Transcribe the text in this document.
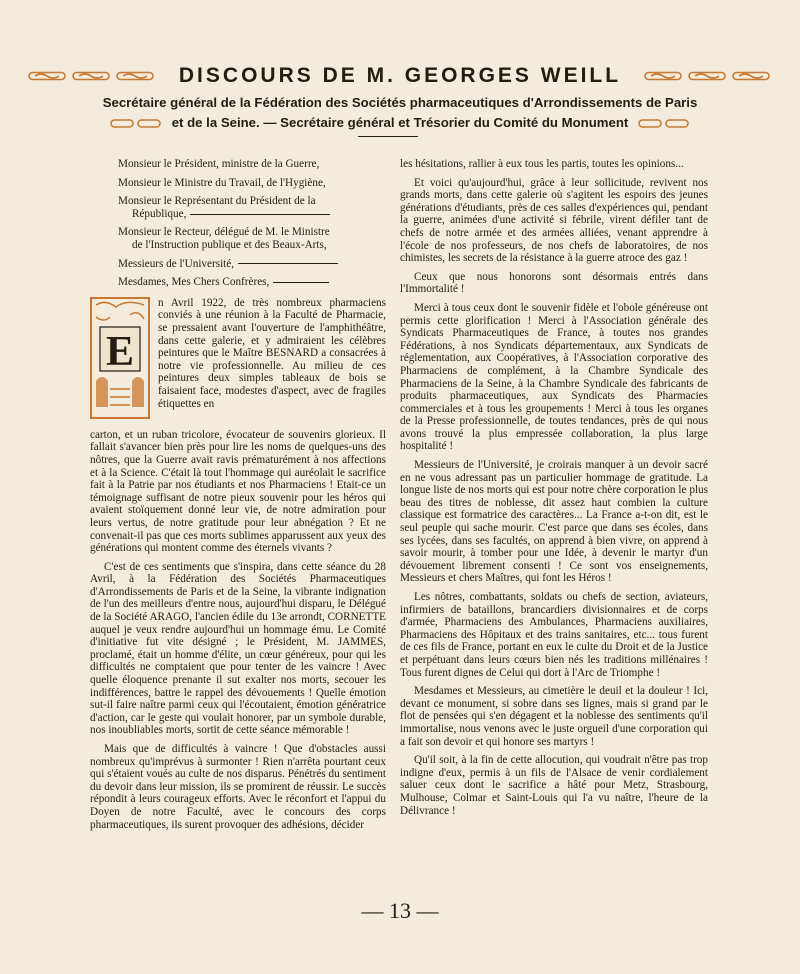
DISCOURS DE M. GEORGES WEILL
Secrétaire général de la Fédération des Sociétés pharmaceutiques d'Arrondissements de Paris
et de la Seine. — Secrétaire général et Trésorier du Comité du Monument

Monsieur le Président, ministre de la Guerre,

Monsieur le Ministre du Travail, de l'Hygiène,

Monsieur le Représentant du Président de la
République,

Monsieur le Recteur, délégué de M. le Ministre
de l'Instruction publique et des Beaux-Arts,

Messieurs de l'Université,

Mesdames, Mes Chers Confrères,

E
n Avril 1922, de très nombreux pharmaciens conviés à une réunion à la Faculté de Pharmacie, se pressaient avant l'ouverture de l'amphithéâtre, dans cette galerie, et y admiraient les célèbres peintures que le Maître BESNARD a consacrées à notre vie professionnelle. Au milieu de ces peintures deux simples tableaux de bois se faisaient face, modestes d'aspect, avec de fragiles étiquettes en

carton, et un ruban tricolore, évocateur de souvenirs glorieux. Il fallait s'avancer bien près pour lire les noms de quelques-uns des nôtres, que la Guerre avait ravis prématurément à nos affections et à la Science. C'était là tout l'hommage qui auréolait le sacrifice fait à la Patrie par nos étudiants et nos Pharmaciens ! Etait-ce un témoignage suffisant de notre pieux souvenir pour les héros qui avaient stoïquement donné leur vie, de notre admiration pour leurs vertus, de notre gratitude pour leur abnégation ? Et ne convenait-il pas que ces morts sublimes apparussent aux yeux des générations qui montent comme des éternels vivants ?

C'est de ces sentiments que s'inspira, dans cette séance du 28 Avril, à la Fédération des Sociétés Pharmaceutiques d'Arrondissements de Paris et de la Seine, la vibrante indignation de l'un des meilleurs d'entre nous, aujourd'hui disparu, le Délégué de la Société ARAGO, l'ancien édile du 13e arrondt, CORNETTE auquel je veux rendre aujourd'hui un hommage ému. Le Comité d'initiative fut vite désigné ; le Président, M. JAMMES, proclamé, était un homme d'élite, un cœur généreux, pour qui les difficultés ne comptaient que pour tenter de les vaincre ! Avec quelle éloquence prenante il sut exalter nos morts, secouer les indifférences, battre le rappel des dévouements ! Quelle émotion sut-il faire naître parmi ceux qui l'écoutaient, émotion génératrice d'action, car le geste qui voulait honorer, par un symbole durable, nos inoubliables morts, sortit de cette séance mémorable !

Mais que de difficultés à vaincre ! Que d'obstacles aussi nombreux qu'imprévus à surmonter ! Rien n'arrêta pourtant ceux qui s'étaient voués au culte de nos disparus. Pénétrés du sentiment du devoir dans leur mission, ils se promirent de réussir. Le succès répondit à leurs courageux efforts. Avec le réconfort et l'appui du Doyen de notre Faculté, avec le concours des corps pharmaceutiques, ils surent provoquer des adhésions, décider

les hésitations, rallier à eux tous les partis, toutes les opinions...

Et voici qu'aujourd'hui, grâce à leur sollicitude, revivent nos grands morts, dans cette galerie où s'agitent les espoirs des jeunes générations d'étudiants, près de ces salles d'expériences qui, pendant la guerre, animées d'une activité si fébrile, virent défiler tant de chefs de notre armée et des armées alliées, venant apprendre à l'école de nos professeurs, de nos chefs de laboratoires, de nos chimistes, les secrets de la résistance à la guerre atroce des gaz !

Ceux que nous honorons sont désormais entrés dans l'Immortalité !

Merci à tous ceux dont le souvenir fidèle et l'obole généreuse ont permis cette glorification ! Merci à l'Association générale des Syndicats Pharmaceutiques de France, à toutes nos grandes Fédérations, à nos Syndicats départementaux, aux Syndicats de réglementation, aux Coopératives, à l'Association corporative des Pharmaciens de complément, à la Chambre Syndicale des Pharmaciens de la Seine, à la Chambre Syndicale des fabricants de produits pharmaceutiques, aux Syndicats des Pharmacies commerciales et à tous les groupements ! Merci à tous les organes de la Presse professionnelle, de toutes tendances, près de qui nous avons trouvé la plus empressée collaboration, la plus large hospitalité !

Messieurs de l'Université, je croirais manquer à un devoir sacré en ne vous adressant pas un particulier hommage de gratitude. La longue liste de nos morts qui est pour notre chère corporation le plus beau des titres de noblesse, dit assez haut combien la culture classique est formatrice des caractères... La France a-t-on dit, est le seul peuple qui sache mourir. C'est parce que dans ses écoles, dans ses lycées, dans ses facultés, on apprend à bien vivre, on apprend à savoir mourir, à tomber pour une Idée, à devenir le martyr d'un dévouement librement consenti ! Ce sont vos enseignements, Messieurs et chers Maîtres, qui font les Héros !

Les nôtres, combattants, soldats ou chefs de section, aviateurs, infirmiers de bataillons, brancardiers divisionnaires et de corps d'armée, Pharmaciens des Ambulances, Pharmaciens auxiliaires, Pharmaciens des Hôpitaux et des trains sanitaires, etc... tous furent de ces fils de France, portant en eux le culte du Droit et de la Justice et perpétuant dans leurs cœurs bien nés les traditions millénaires ! Tous furent dignes de Celui qui dort à l'Arc de Triomphe !

Mesdames et Messieurs, au cimetière le deuil et la douleur ! Ici, devant ce monument, si sobre dans ses lignes, mais si grand par le flot de pensées qui s'en dégagent et la noblesse des sentiments qu'il immortalise, nous venons avec le juste orgueil d'une corporation qui a fait son devoir et qui honore ses martyrs !

Qu'il soit, à la fin de cette allocution, qui voudrait n'être pas trop indigne d'eux, permis à un fils de l'Alsace de venir cordialement saluer ceux dont le sacrifice a hâté pour Metz, Strasbourg, Mulhouse, Colmar et Saint-Louis qui l'a vu naître, l'heure de la Délivrance !

— 13 —
